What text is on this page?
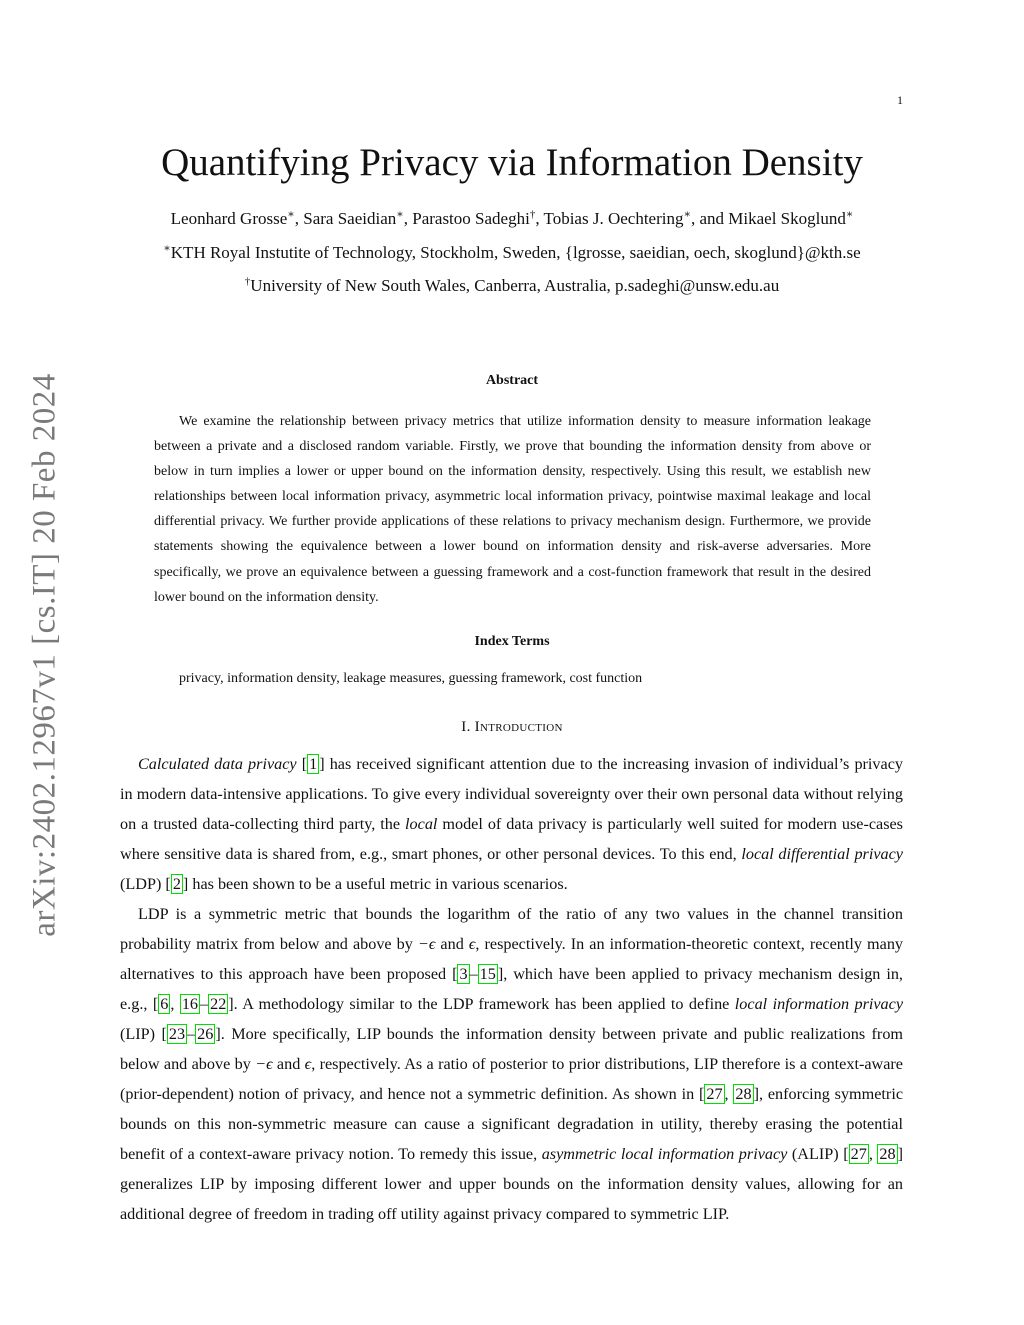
1
arXiv:2402.12967v1 [cs.IT] 20 Feb 2024
Quantifying Privacy via Information Density
Leonhard Grosse∗, Sara Saeidian∗, Parastoo Sadeghi†, Tobias J. Oechtering∗, and Mikael Skoglund∗
∗KTH Royal Instutite of Technology, Stockholm, Sweden, {lgrosse, saeidian, oech, skoglund}@kth.se
†University of New South Wales, Canberra, Australia, p.sadeghi@unsw.edu.au
Abstract

We examine the relationship between privacy metrics that utilize information density to measure information leakage between a private and a disclosed random variable. Firstly, we prove that bounding the information density from above or below in turn implies a lower or upper bound on the information density, respectively. Using this result, we establish new relationships between local information privacy, asymmetric local information privacy, pointwise maximal leakage and local differential privacy. We further provide applications of these relations to privacy mechanism design. Furthermore, we provide statements showing the equivalence between a lower bound on information density and risk-averse adversaries. More specifically, we prove an equivalence between a guessing framework and a cost-function framework that result in the desired lower bound on the information density.

Index Terms

privacy, information density, leakage measures, guessing framework, cost function

I. Introduction

Calculated data privacy [ 1 ] has received significant attention due to the increasing invasion of individual’s privacy in modern data-intensive applications. To give every individual sovereignty over their own personal data without relying on a trusted data-collecting third party, the local model of data privacy is particularly well suited for modern use-cases where sensitive data is shared from, e.g., smart phones, or other personal devices. To this end, local differential privacy (LDP) [ 2 ] has been shown to be a useful metric in various scenarios.

LDP is a symmetric metric that bounds the logarithm of the ratio of any two values in the channel transition probability matrix from below and above by −ϵ and ϵ, respectively. In an information-theoretic context, recently many alternatives to this approach have been proposed [ 3 – 15 ], which have been applied to privacy mechanism design in, e.g., [ 6 , 16 – 22 ]. A methodology similar to the LDP framework has been applied to define local information privacy (LIP) [ 23 – 26 ]. More specifically, LIP bounds the information density between private and public realizations from below and above by −ϵ and ϵ, respectively. As a ratio of posterior to prior distributions, LIP therefore is a context-aware (prior-dependent) notion of privacy, and hence not a symmetric definition. As shown in [ 27 , 28 ], enforcing symmetric bounds on this non-symmetric measure can cause a significant degradation in utility, thereby erasing the potential benefit of a context-aware privacy notion. To remedy this issue, asymmetric local information privacy (ALIP) [ 27 , 28 ] generalizes LIP by imposing different lower and upper bounds on the information density values, allowing for an additional degree of freedom in trading off utility against privacy compared to symmetric LIP.
